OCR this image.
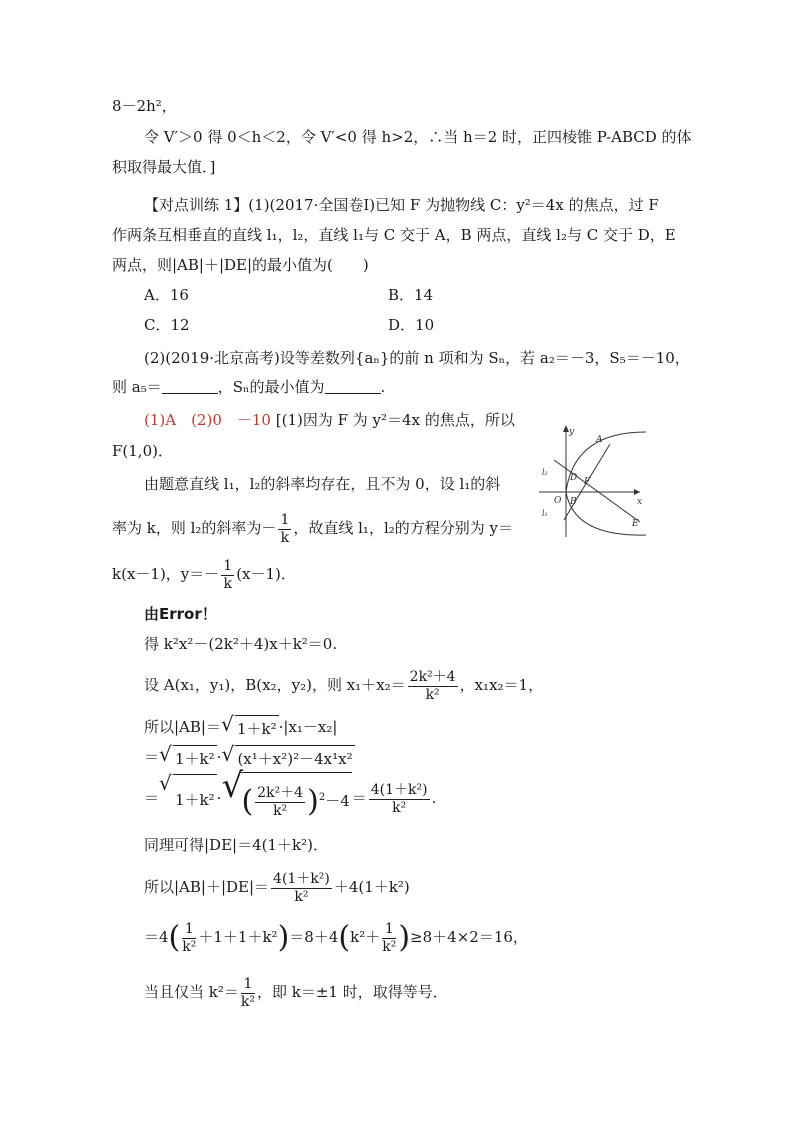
8－2h²，
令 V′＞0 得 0＜h＜2，令 V′<0 得 h>2，∴当 h＝2 时，正四棱锥 P-ABCD 的体
积取得最大值．]
【对点训练 1】(1)(2017·全国卷Ⅰ)已知 F 为抛物线 C：y²＝4x 的焦点，过 F
作两条互相垂直的直线 l₁，l₂，直线 l₁与 C 交于 A，B 两点，直线 l₂与 C 交于 D，E
两点，则|AB|＋|DE|的最小值为(　　)
A．16	B．14
C．12	D．10
(2)(2019·北京高考)设等差数列{aₙ}的前 n 项和为 Sₙ，若 a₂＝－3，S₅＝－10，
则 a₅＝	，Sₙ的最小值为	.
(1)A　(2)0　－10 [(1)因为 F 为 y²＝4x 的焦点，所以
F(1,0)．
由题意直线 l₁，l₂的斜率均存在，且不为 0，设 l₁的斜
率为 k，则 l₂的斜率为－ $\frac{1}{k}$ ，故直线 l₁，l₂的方程分别为 y＝
k(x－1)，$y=- \frac{1}{k} (x-1)$．
由Error！
得 k²x²－(2k²＋4)x＋k²＝0.
设 A(x₁，y₁)，B(x₂，y₂)，则 $x_1+x_2= \frac{\text{2k²＋4}}{\text{k²}}$ ，x₁x₂＝1，
所以|AB|＝ √ 1＋k² ·|x₁－x₂|
＝ √ 1＋k² · √ (x¹＋x²)²－4x¹x²
＝
√
1＋k² · √
( $\frac{\text{2k²＋4}}{\text{k²}} )^2-4 = \frac{\text{4(1＋k²)}}{\text{k²}}$ .
同理可得|DE|＝4(1＋k²)．
所以$|AB|+|DE|= \frac{\text{4(1＋k²)}}{\text{k²}} +4(1+k^2)$
$=4( \frac{1}{\text{k²}} +1+1+k^2)=8+4(k^2+ \frac{1}{\text{k²}} )\ge 8+4\times 2=16$，
当且仅当 $k^2= \frac{1}{\text{k²}}$ ，即 k＝±1 时，取得等号．
y
x
O
A
D F
B
E
l₂
l₁
